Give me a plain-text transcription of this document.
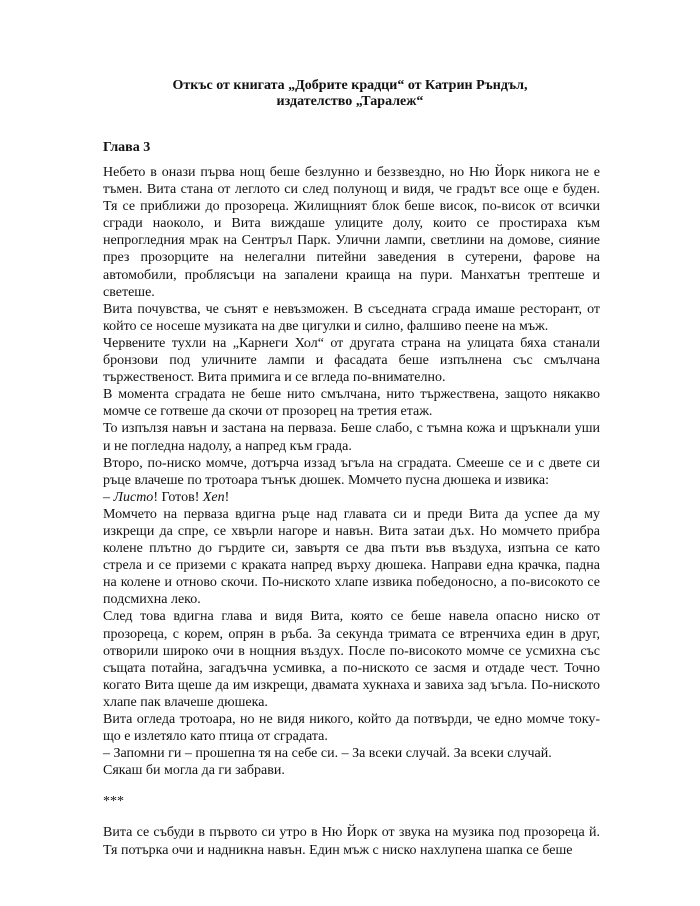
Откъс от книгата „Добрите крадци“ от Катрин Ръндъл,
издателство „Таралеж“
Глава 3

Небето в онази първа нощ беше безлунно и беззвездно, но Ню Йорк никога не е тъмен. Вита стана от леглото си след полунощ и видя, че градът все още е буден. Тя се приближи до прозореца. Жилищният блок беше висок, по-висок от всички сгради наоколо, и Вита виждаше улиците долу, които се простираха към непрогледния мрак на Сентръл Парк. Улични лампи, светлини на домове, сияние през прозорците на нелегални питейни заведения в сутерени, фарове на автомобили, проблясъци на запалени краища на пури. Манхатън трептеше и светеше.

Вита почувства, че сънят е невъзможен. В съседната сграда имаше ресторант, от който се носеше музиката на две цигулки и силно, фалшиво пеене на мъж.

Червените тухли на „Карнеги Хол“ от другата страна на улицата бяха станали бронзови под уличните лампи и фасадата беше изпълнена със смълчана тържественост. Вита примига и се вгледа по-внимателно.

В момента сградата не беше нито смълчана, нито тържествена, защото някакво момче се готвеше да скочи от прозорец на третия етаж.

То изпълзя навън и застана на перваза. Беше слабо, с тъмна кожа и щръкнали уши и не погледна надолу, а напред към града.

Второ, по-ниско момче, дотърча иззад ъгъла на сградата. Смееше се и с двете си ръце влачеше по тротоара тънък дюшек. Момчето пусна дюшека и извика:

– Листо! Готов! Хеп!

Момчето на перваза вдигна ръце над главата си и преди Вита да успее да му изкрещи да спре, се хвърли нагоре и навън. Вита затаи дъх. Но момчето прибра колене плътно до гърдите си, завъртя се два пъти във въздуха, изпъна се като стрела и се приземи с краката напред върху дюшека. Направи една крачка, падна на колене и отново скочи. По-ниското хлапе извика победоносно, а по-високото се подсмихна леко.

След това вдигна глава и видя Вита, която се беше навела опасно ниско от прозореца, с корем, опрян в ръба. За секунда тримата се втренчиха един в друг, отворили широко очи в нощния въздух. После по-високото момче се усмихна със същата потайна, загадъчна усмивка, а по-ниското се засмя и отдаде чест. Точно когато Вита щеше да им изкрещи, двамата хукнаха и завиха зад ъгъла. По-ниското хлапе пак влачеше дюшека.

Вита огледа тротоара, но не видя никого, който да потвърди, че едно момче току-що е излетяло като птица от сградата.

– Запомни ги – прошепна тя на себе си. – За всеки случай. За всеки случай.

Сякаш би могла да ги забрави.

***

Вита се събуди в първото си утро в Ню Йорк от звука на музика под прозореца й. Тя потърка очи и надникна навън. Един мъж с ниско нахлупена шапка се беше
